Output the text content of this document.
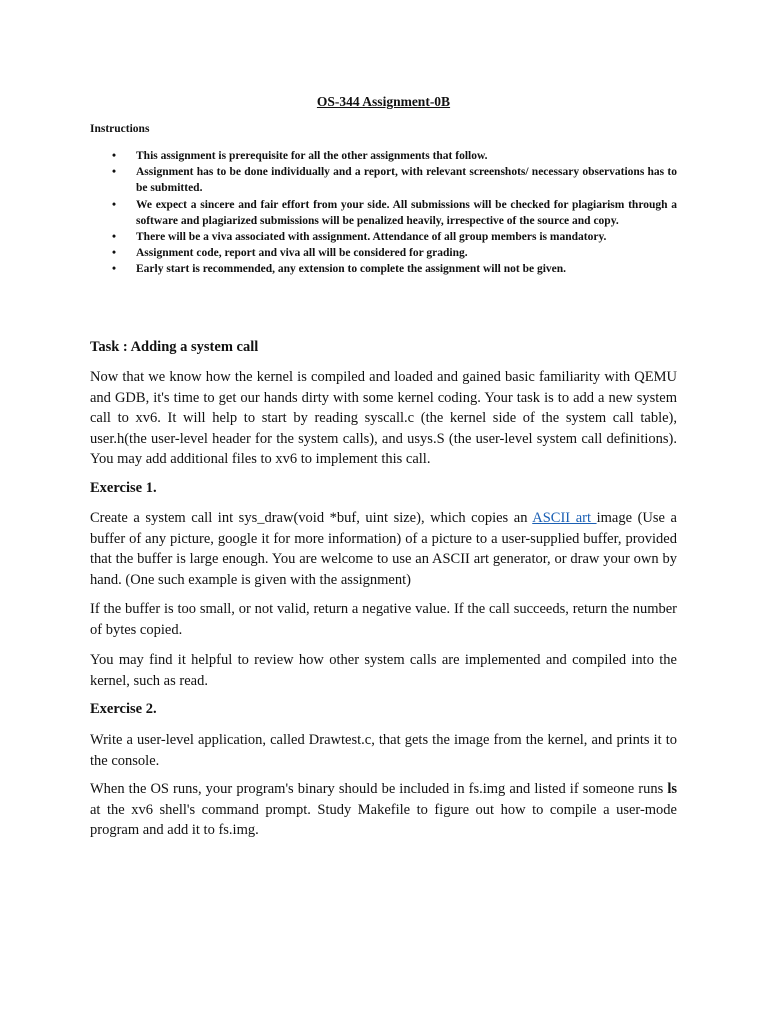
OS-344 Assignment-0B

Instructions

• This assignment is prerequisite for all the other assignments that follow.
• Assignment has to be done individually and a report, with relevant screenshots/ necessary observations has to be submitted.
• We expect a sincere and fair effort from your side. All submissions will be checked for plagiarism through a software and plagiarized submissions will be penalized heavily, irrespective of the source and copy.
• There will be a viva associated with assignment. Attendance of all group members is mandatory.
• Assignment code, report and viva all will be considered for grading.
• Early start is recommended, any extension to complete the assignment will not be given.
Task : Adding a system call

Now that we know how the kernel is compiled and loaded and gained basic familiarity with QEMU and GDB, it's time to get our hands dirty with some kernel coding. Your task is to add a new system call to xv6. It will help to start by reading syscall.c (the kernel side of the system call table), user.h(the user-level header for the system calls), and usys.S (the user-level system call definitions). You may add additional files to xv6 to implement this call.

Exercise 1.

Create a system call int sys_draw(void *buf, uint size), which copies an ASCII art image (Use a buffer of any picture, google it for more information) of a picture to a user-supplied buffer, provided that the buffer is large enough. You are welcome to use an ASCII art generator, or draw your own by hand. (One such example is given with the assignment)

If the buffer is too small, or not valid, return a negative value. If the call succeeds, return the number of bytes copied.

You may find it helpful to review how other system calls are implemented and compiled into the kernel, such as read.

Exercise 2.

Write a user-level application, called Drawtest.c, that gets the image from the kernel, and prints it to the console.

When the OS runs, your program's binary should be included in fs.img and listed if someone runs ls at the xv6 shell's command prompt. Study Makefile to figure out how to compile a user-mode program and add it to fs.img.
